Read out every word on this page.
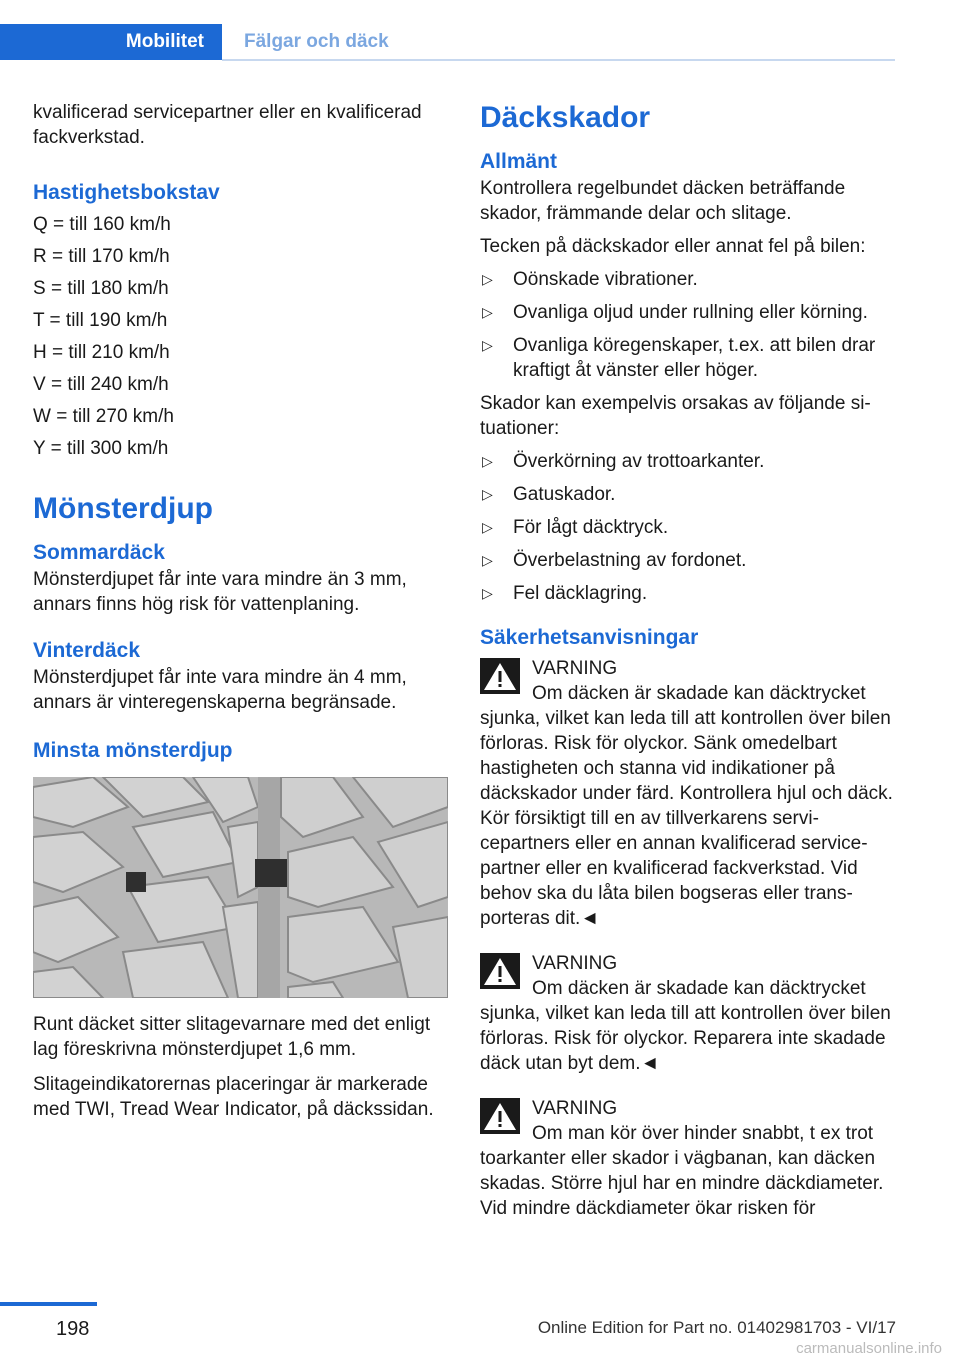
Mobilitet	Fälgar och däck

kvalificerad servicepartner eller en kvalificerad fackverkstad.

Hastighetsbokstav

Q = till 160 km/h

R = till 170 km/h

S = till 180 km/h

T = till 190 km/h

H = till 210 km/h

V = till 240 km/h

W = till 270 km/h

Y = till 300 km/h

Mönsterdjup
Sommardäck

Mönsterdjupet får inte vara mindre än 3 mm, annars finns hög risk för vattenplaning.

Vinterdäck

Mönsterdjupet får inte vara mindre än 4 mm, annars är vinteregenskaperna begränsade.

Minsta mönsterdjup

Runt däcket sitter slitagevarnare med det enligt lag föreskrivna mönsterdjupet 1,6 mm.

Slitageindikatorernas placeringar är markerade med TWI, Tread Wear Indicator, på däckssidan.

Däckskador
Allmänt

Kontrollera regelbundet däcken beträffande skador, främmande delar och slitage.

Tecken på däckskador eller annat fel på bilen:

▷ Oönskade vibrationer.
▷ Ovanliga oljud under rullning eller körning.
▷ Ovanliga köregenskaper, t.ex. att bilen drar kraftigt åt vänster eller höger.

Skador kan exempelvis orsakas av följande situationer:

▷ Överkörning av trottoarkanter.
▷ Gatuskador.
▷ För lågt däcktryck.
▷ Överbelastning av fordonet.
▷ Fel däcklagring.
Säkerhetsanvisningar
VARNING
Om däcken är skadade kan däcktrycket
sjunka, vilket kan leda till att kontrollen över bilen förloras. Risk för olyckor. Sänk omedelbart hastigheten och stanna vid indikationer på däckskador under färd. Kontrollera hjul och däck. Kör försiktigt till en av tillverkarens servicepartners eller en annan kvalificerad servicepartner eller en kvalificerad fackverkstad. Vid behov ska du låta bilen bogseras eller transporteras dit.◄
VARNING
Om däcken är skadade kan däcktrycket
sjunka, vilket kan leda till att kontrollen över bilen förloras. Risk för olyckor. Reparera inte skadade däck utan byt dem.◄
VARNING
Om man kör över hinder snabbt, t ex trot
toarkanter eller skador i vägbanan, kan däcken skadas. Större hjul har en mindre däckdiameter. Vid mindre däckdiameter ökar risken för
198	Online Edition for Part no. 01402981703 - VI/17
carmanualsonline.info
